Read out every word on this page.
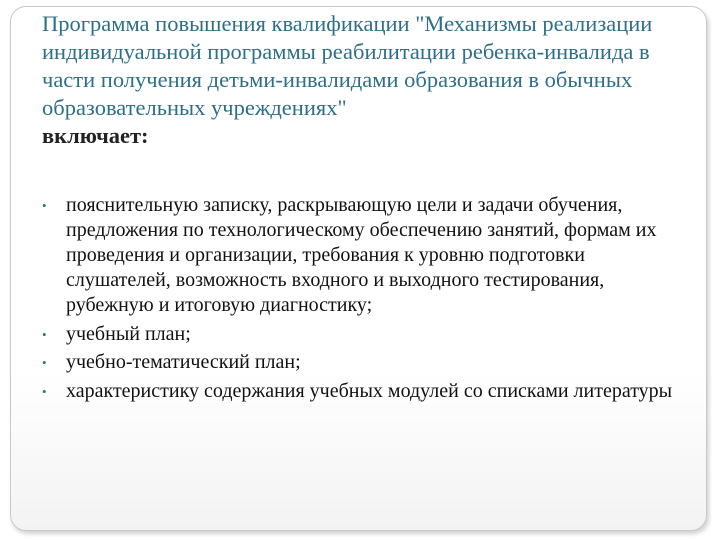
Программа повышения квалификации "Механизмы реализации индивидуальной программы реабилитации ребенка-инвалида в части получения детьми-инвалидами образования в обычных образовательных учреждениях"
включает:
• пояснительную записку, раскрывающую цели и задачи обучения, предложения по технологическому обеспечению занятий, формам их проведения и организации, требования к уровню подготовки слушателей, возможность входного и выходного тестирования, рубежную и итоговую диагностику;
• учебный план;
• учебно-тематический план;
• характеристику содержания учебных модулей со списками литературы
